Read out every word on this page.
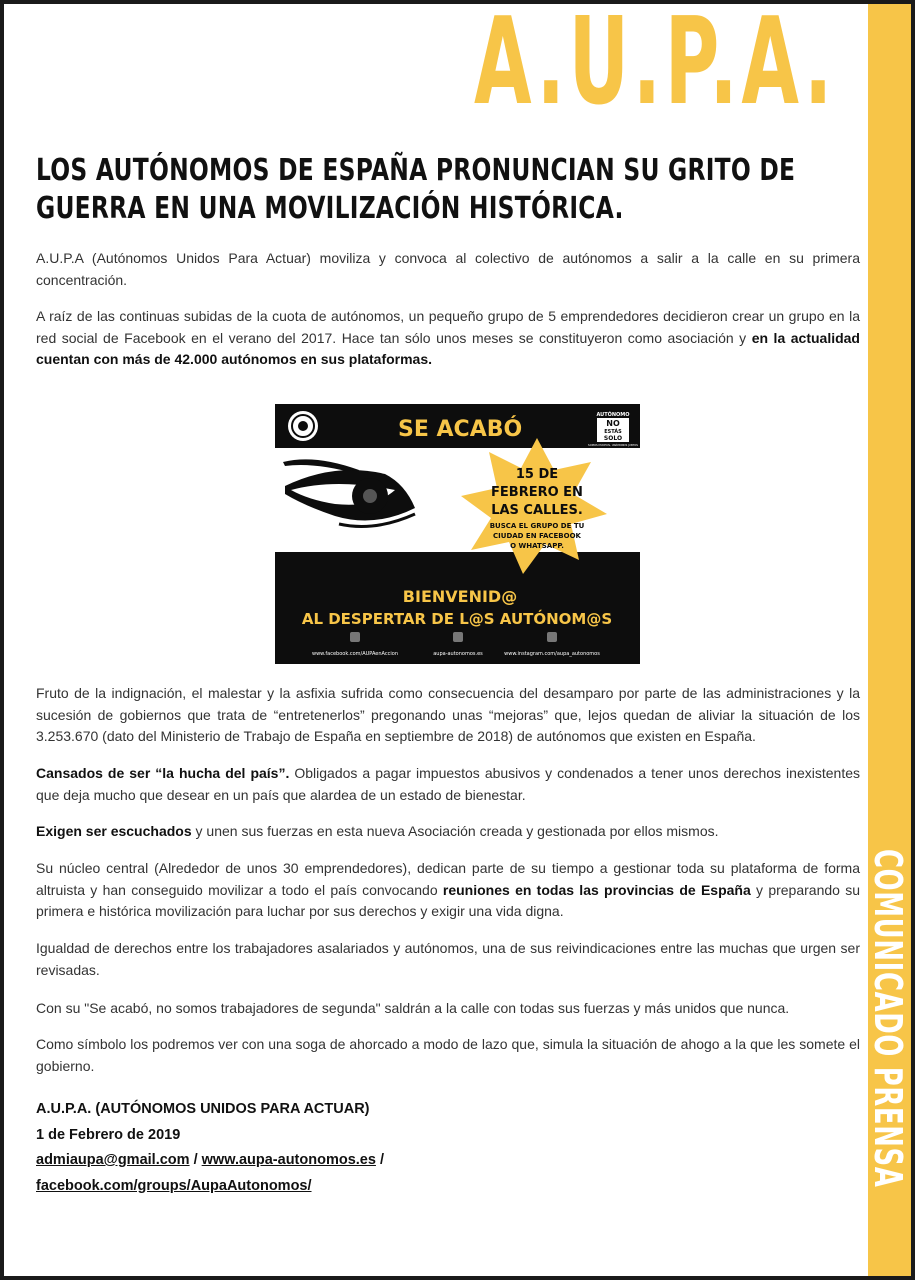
A.U.P.A.
COMUNICADO PRENSA
LOS AUTÓNOMOS DE ESPAÑA PRONUNCIAN SU GRITO DE GUERRA EN UNA MOVILIZACIÓN HISTÓRICA.

A.U.P.A (Autónomos Unidos Para Actuar) moviliza y convoca al colectivo de autónomos a salir a la calle en su primera concentración.

A raíz de las continuas subidas de la cuota de autónomos, un pequeño grupo de 5 emprendedores decidieron crear un grupo en la red social de Facebook en el verano del 2017. Hace tan sólo unos meses se constituyeron como asociación y en la actualidad cuentan con más de 42.000 autónomos en sus plataformas.

SE ACABÓ
AUTÓNOMO
NO
ESTÁS
SOLO
SOMOS MUCHOS, UNÁMONOS JUNTOS
15 DE
FEBRERO EN
LAS CALLES.
BUSCA EL GRUPO DE TU
CIUDAD EN FACEBOOK
O WHATSAPP.
BIENVENID@
AL DESPERTAR DE L@S AUTÓNOM@S
www.facebook.com/AUPAenAccion	aupa-autonomos.es	www.instagram.com/aupa_autonomos

Fruto de la indignación, el malestar y la asfixia sufrida como consecuencia del desamparo por parte de las administraciones y la sucesión de gobiernos que trata de “entretenerlos” pregonando unas “mejoras” que, lejos quedan de aliviar la situación de los 3.253.670 (dato del Ministerio de Trabajo de España en septiembre de 2018) de autónomos que existen en España.

Cansados de ser “la hucha del país”. Obligados a pagar impuestos abusivos y condenados a tener unos derechos inexistentes que deja mucho que desear en un país que alardea de un estado de bienestar.

Exigen ser escuchados y unen sus fuerzas en esta nueva Asociación creada y gestionada por ellos mismos.

Su núcleo central (Alrededor de unos 30 emprendedores), dedican parte de su tiempo a gestionar toda su plataforma de forma altruista y han conseguido movilizar a todo el país convocando reuniones en todas las provincias de España y preparando su primera e histórica movilización para luchar por sus derechos y exigir una vida digna.

Igualdad de derechos entre los trabajadores asalariados y autónomos, una de sus reivindicaciones entre las muchas que urgen ser revisadas.

Con su "Se acabó, no somos trabajadores de segunda" saldrán a la calle con todas sus fuerzas y más unidos que nunca.

Como símbolo los podremos ver con una soga de ahorcado a modo de lazo que, simula la situación de ahogo a la que les somete el gobierno.

A.U.P.A. (AUTÓNOMOS UNIDOS PARA ACTUAR)
1 de Febrero de 2019
admiaupa@gmail.com / www.aupa-autonomos.es /
facebook.com/groups/AupaAutonomos/
